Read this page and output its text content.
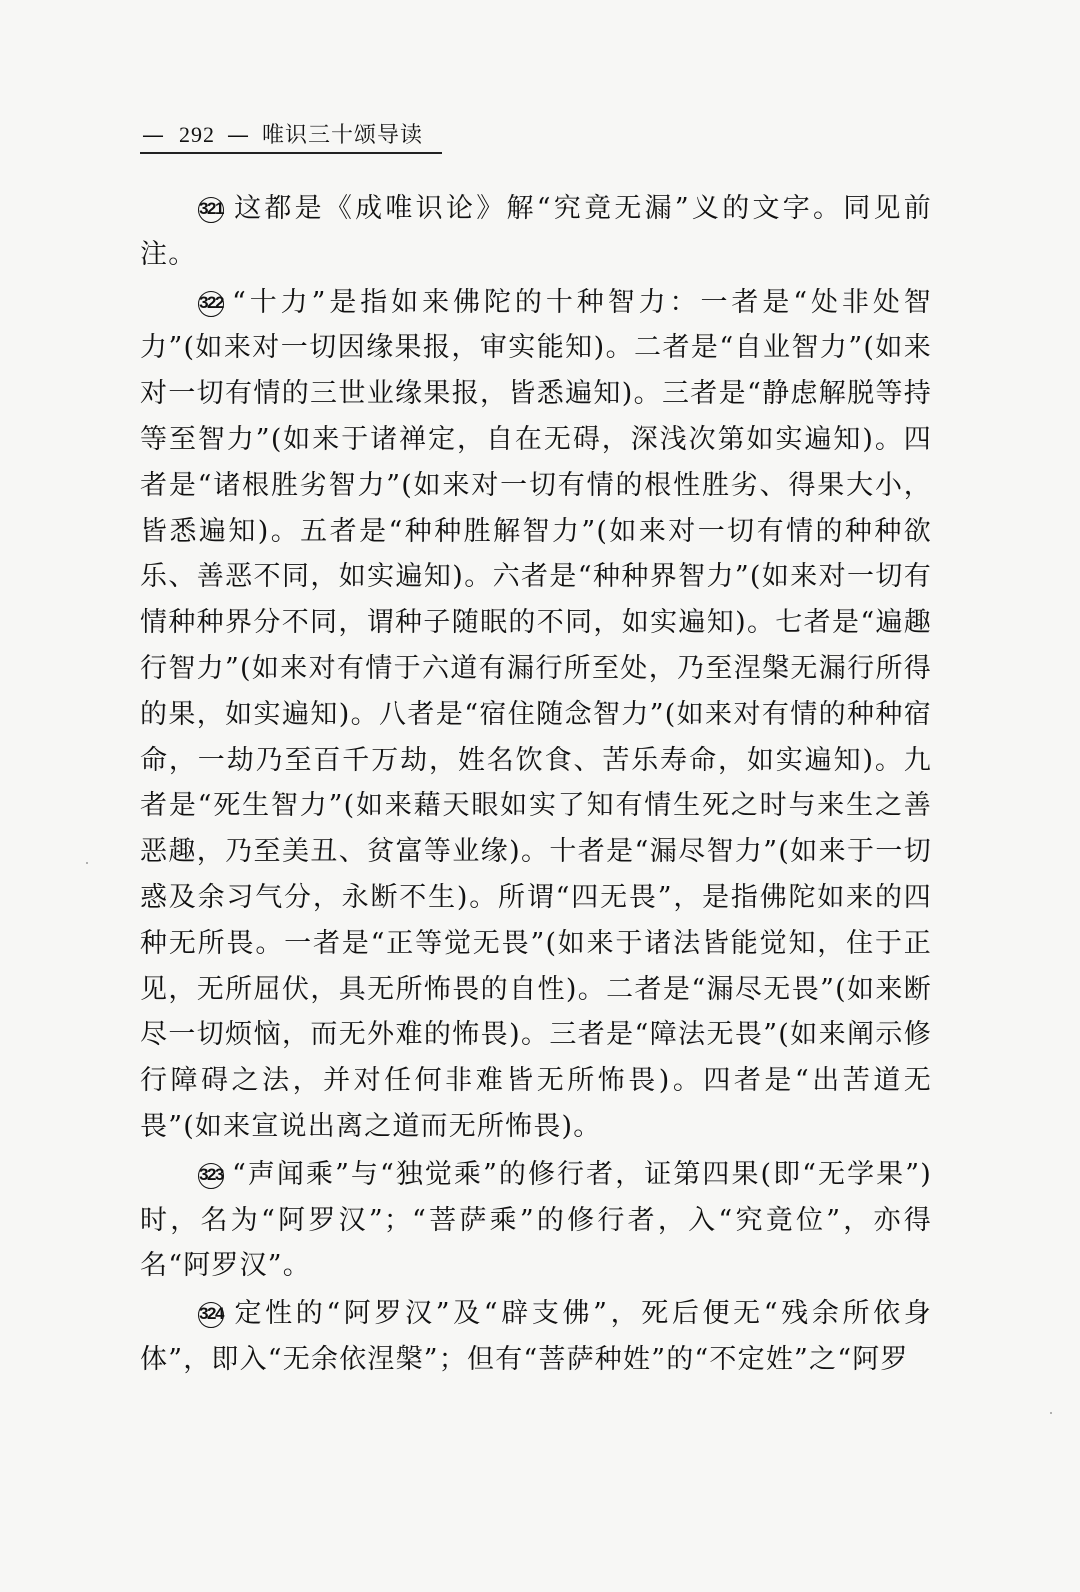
— 292 — 唯识三十颂导读

321 这都是《成唯识论》解“究竟无漏”义的文字。同见前注。

322 “十力”是指如来佛陀的十种智力：一者是“处非处智力”(如来对一切因缘果报，审实能知)。二者是“自业智力”(如来对一切有情的三世业缘果报，皆悉遍知)。三者是“静虑解脱等持等至智力”(如来于诸禅定，自在无碍，深浅次第如实遍知)。四者是“诸根胜劣智力”(如来对一切有情的根性胜劣、得果大小，皆悉遍知)。五者是“种种胜解智力”(如来对一切有情的种种欲乐、善恶不同，如实遍知)。六者是“种种界智力”(如来对一切有情种种界分不同，谓种子随眠的不同，如实遍知)。七者是“遍趣行智力”(如来对有情于六道有漏行所至处，乃至涅槃无漏行所得的果，如实遍知)。八者是“宿住随念智力”(如来对有情的种种宿命，一劫乃至百千万劫，姓名饮食、苦乐寿命，如实遍知)。九者是“死生智力”(如来藉天眼如实了知有情生死之时与来生之善恶趣，乃至美丑、贫富等业缘)。十者是“漏尽智力”(如来于一切惑及余习气分，永断不生)。所谓“四无畏”，是指佛陀如来的四种无所畏。一者是“正等觉无畏”(如来于诸法皆能觉知，住于正见，无所屈伏，具无所怖畏的自性)。二者是“漏尽无畏”(如来断尽一切烦恼，而无外难的怖畏)。三者是“障法无畏”(如来阐示修行障碍之法，并对任何非难皆无所怖畏)。四者是“出苦道无畏”(如来宣说出离之道而无所怖畏)。

323 “声闻乘”与“独觉乘”的修行者，证第四果(即“无学果”)时，名为“阿罗汉”；“菩萨乘”的修行者，入“究竟位”，亦得名“阿罗汉”。

324 定性的“阿罗汉”及“辟支佛”，死后便无“残余所依身体”，即入“无余依涅槃”；但有“菩萨种姓”的“不定姓”之“阿罗
